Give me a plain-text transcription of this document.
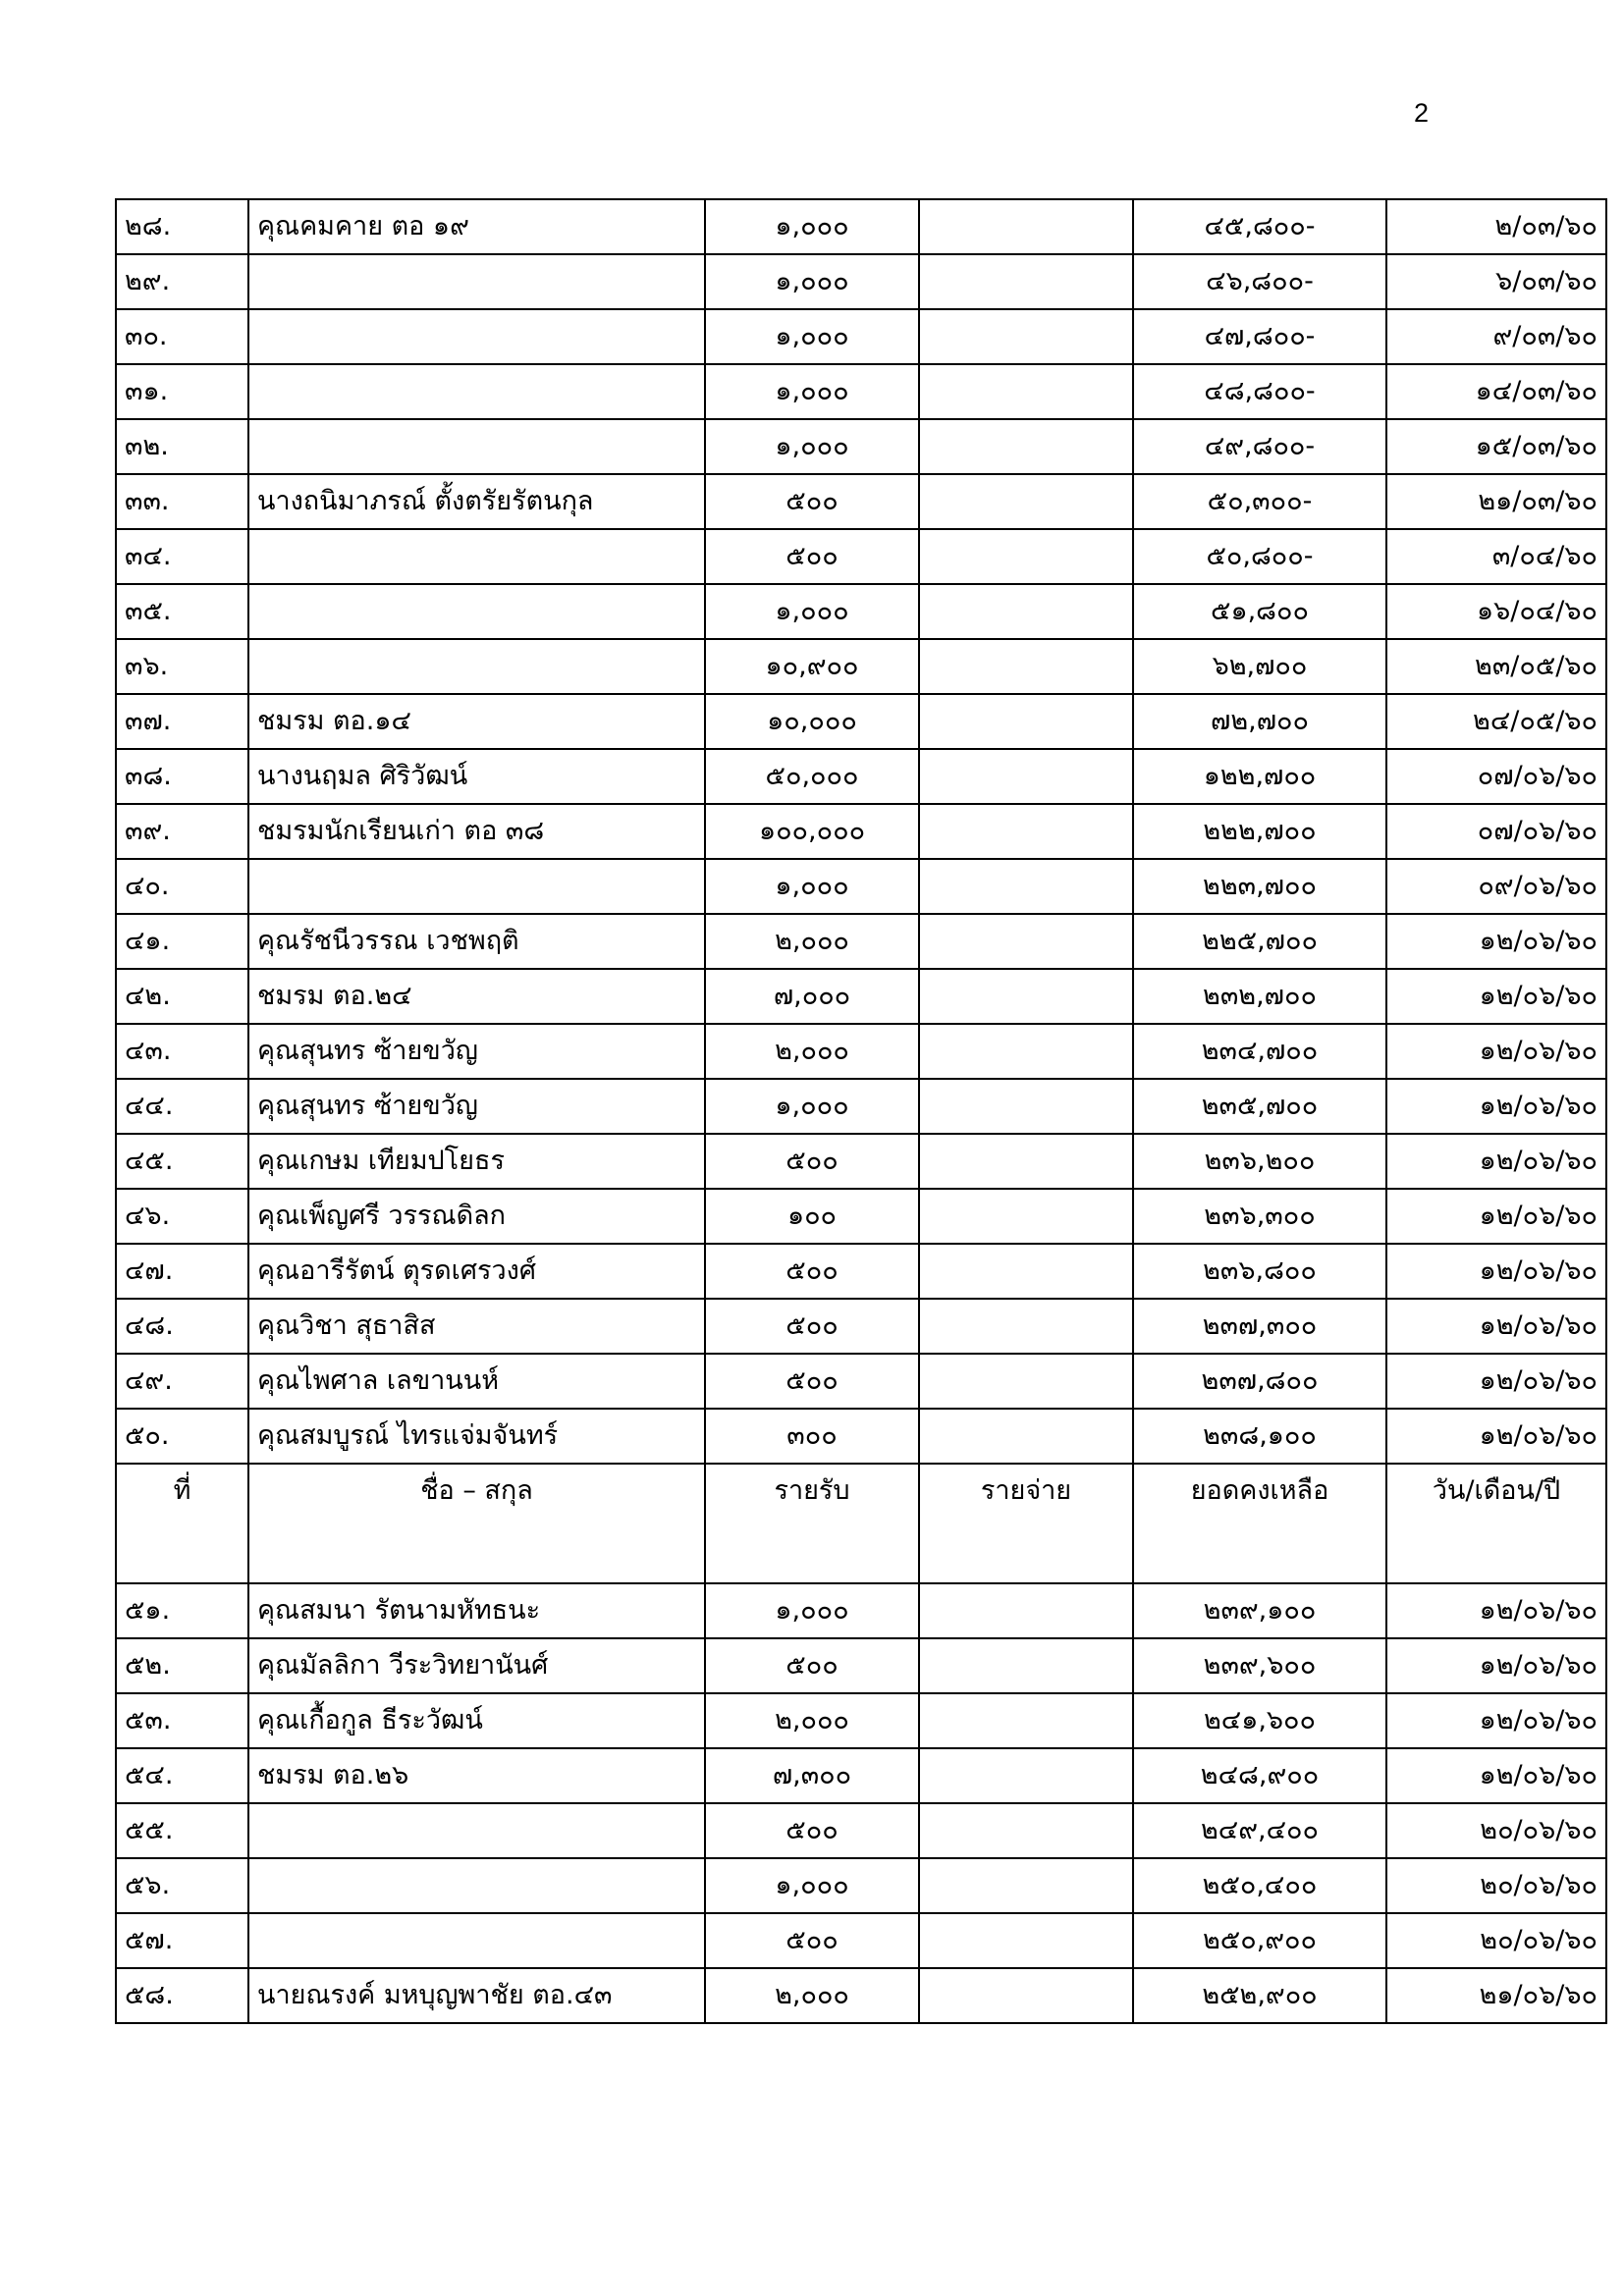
2
๒๘.	คุณคมคาย ตอ ๑๙	๑,๐๐๐		๔๕,๘๐๐-	๒/๐๓/๖๐
๒๙.		๑,๐๐๐		๔๖,๘๐๐-	๖/๐๓/๖๐
๓๐.		๑,๐๐๐		๔๗,๘๐๐-	๙/๐๓/๖๐
๓๑.		๑,๐๐๐		๔๘,๘๐๐-	๑๔/๐๓/๖๐
๓๒.		๑,๐๐๐		๔๙,๘๐๐-	๑๕/๐๓/๖๐
๓๓.	นางถนิมาภรณ์ ตั้งตรัยรัตนกุล	๕๐๐		๕๐,๓๐๐-	๒๑/๐๓/๖๐
๓๔.		๕๐๐		๕๐,๘๐๐-	๓/๐๔/๖๐
๓๕.		๑,๐๐๐		๕๑,๘๐๐	๑๖/๐๔/๖๐
๓๖.		๑๐,๙๐๐		๖๒,๗๐๐	๒๓/๐๕/๖๐
๓๗.	ชมรม ตอ.๑๔	๑๐,๐๐๐		๗๒,๗๐๐	๒๔/๐๕/๖๐
๓๘.	นางนฤมล ศิริวัฒน์	๕๐,๐๐๐		๑๒๒,๗๐๐	๐๗/๐๖/๖๐
๓๙.	ชมรมนักเรียนเก่า ตอ ๓๘	๑๐๐,๐๐๐		๒๒๒,๗๐๐	๐๗/๐๖/๖๐
๔๐.		๑,๐๐๐		๒๒๓,๗๐๐	๐๙/๐๖/๖๐
๔๑.	คุณรัชนีวรรณ เวชพฤติ	๒,๐๐๐		๒๒๕,๗๐๐	๑๒/๐๖/๖๐
๔๒.	ชมรม ตอ.๒๔	๗,๐๐๐		๒๓๒,๗๐๐	๑๒/๐๖/๖๐
๔๓.	คุณสุนทร ซ้ายขวัญ	๒,๐๐๐		๒๓๔,๗๐๐	๑๒/๐๖/๖๐
๔๔.	คุณสุนทร ซ้ายขวัญ	๑,๐๐๐		๒๓๕,๗๐๐	๑๒/๐๖/๖๐
๔๕.	คุณเกษม เทียมปโยธร	๕๐๐		๒๓๖,๒๐๐	๑๒/๐๖/๖๐
๔๖.	คุณเพ็ญศรี วรรณดิลก	๑๐๐		๒๓๖,๓๐๐	๑๒/๐๖/๖๐
๔๗.	คุณอารีรัตน์ ตุรดเศรวงศ์	๕๐๐		๒๓๖,๘๐๐	๑๒/๐๖/๖๐
๔๘.	คุณวิชา สุธาสิส	๕๐๐		๒๓๗,๓๐๐	๑๒/๐๖/๖๐
๔๙.	คุณไพศาล เลขานนห์	๕๐๐		๒๓๗,๘๐๐	๑๒/๐๖/๖๐
๕๐.	คุณสมบูรณ์ ไทรแจ่มจันทร์	๓๐๐		๒๓๘,๑๐๐	๑๒/๐๖/๖๐
ที่	ชื่อ – สกุล	รายรับ	รายจ่าย	ยอดคงเหลือ	วัน/เดือน/ปี
๕๑.	คุณสมนา รัตนามหัทธนะ	๑,๐๐๐		๒๓๙,๑๐๐	๑๒/๐๖/๖๐
๕๒.	คุณมัลลิกา วีระวิทยานันศ์	๕๐๐		๒๓๙,๖๐๐	๑๒/๐๖/๖๐
๕๓.	คุณเกื้อกูล ธีระวัฒน์	๒,๐๐๐		๒๔๑,๖๐๐	๑๒/๐๖/๖๐
๕๔.	ชมรม ตอ.๒๖	๗,๓๐๐		๒๔๘,๙๐๐	๑๒/๐๖/๖๐
๕๕.		๕๐๐		๒๔๙,๔๐๐	๒๐/๐๖/๖๐
๕๖.		๑,๐๐๐		๒๕๐,๔๐๐	๒๐/๐๖/๖๐
๕๗.		๕๐๐		๒๕๐,๙๐๐	๒๐/๐๖/๖๐
๕๘.	นายณรงค์ มหบุญพาชัย ตอ.๔๓	๒,๐๐๐		๒๕๒,๙๐๐	๒๑/๐๖/๖๐
